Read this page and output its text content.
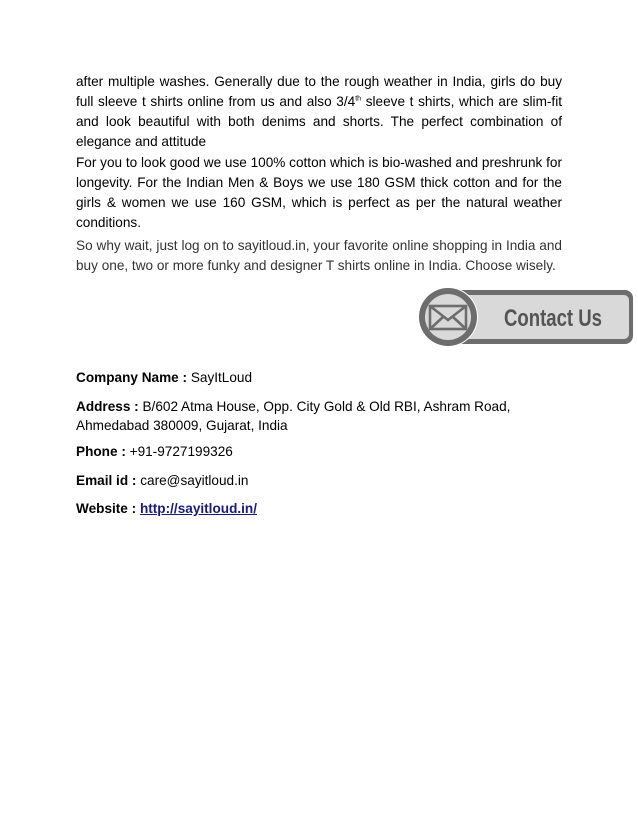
after multiple washes. Generally due to the rough weather in India, girls do buy full sleeve t shirts online from us and also 3/4th sleeve t shirts, which are slim-fit and look beautiful with both denims and shorts. The perfect combination of elegance and attitude

For you to look good we use 100% cotton which is bio-washed and preshrunk for longevity. For the Indian Men & Boys we use 180 GSM thick cotton and for the girls & women we use 160 GSM, which is perfect as per the natural weather conditions.

So why wait, just log on to sayitloud.in, your favorite online shopping in India and buy one, two or more funky and designer T shirts online in India. Choose wisely.

Contact Us
Company Name : SayItLoud
Address : B/602 Atma House, Opp. City Gold & Old RBI, Ashram Road, Ahmedabad 380009, Gujarat, India
Phone : +91-9727199326
Email id : care@sayitloud.in
Website : http://sayitloud.in/
